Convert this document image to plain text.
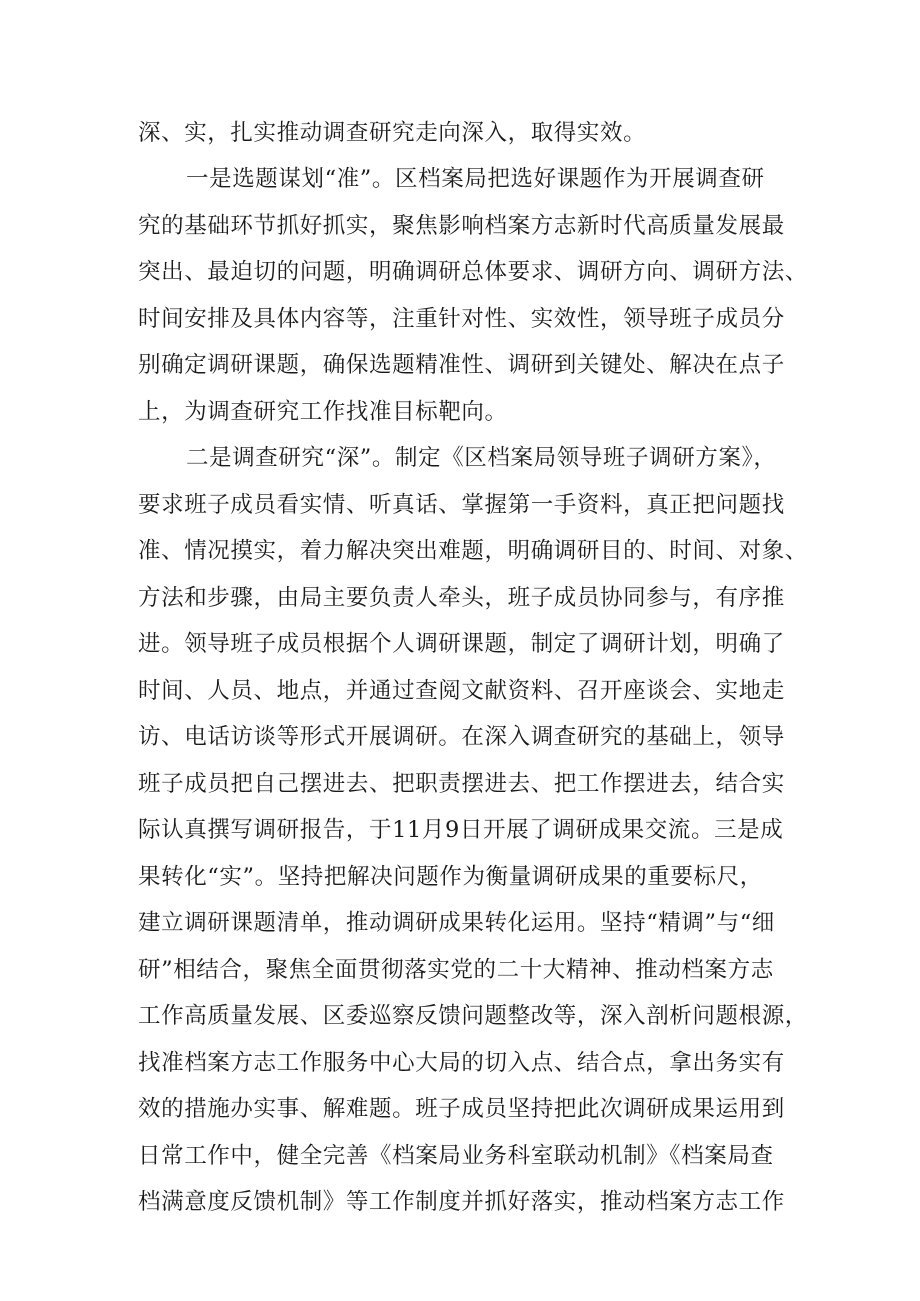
深、实，扎实推动调查研究走向深入，取得实效。
一是选题谋划“准”。区档案局把选好课题作为开展调查研
究的基础环节抓好抓实，聚焦影响档案方志新时代高质量发展最
突出、最迫切的问题，明确调研总体要求、调研方向、调研方法、
时间安排及具体内容等，注重针对性、实效性，领导班子成员分
别确定调研课题，确保选题精准性、调研到关键处、解决在点子
上，为调查研究工作找准目标靶向。
二是调查研究“深”。制定《区档案局领导班子调研方案》，
要求班子成员看实情、听真话、掌握第一手资料，真正把问题找
准、情况摸实，着力解决突出难题，明确调研目的、时间、对象、
方法和步骤，由局主要负责人牵头，班子成员协同参与，有序推
进。领导班子成员根据个人调研课题，制定了调研计划，明确了
时间、人员、地点，并通过查阅文献资料、召开座谈会、实地走
访、电话访谈等形式开展调研。在深入调查研究的基础上，领导
班子成员把自己摆进去、把职责摆进去、把工作摆进去，结合实
际认真撰写调研报告，于11月9日开展了调研成果交流。三是成
果转化“实”。坚持把解决问题作为衡量调研成果的重要标尺，
建立调研课题清单，推动调研成果转化运用。坚持“精调”与“细
研”相结合，聚焦全面贯彻落实党的二十大精神、推动档案方志
工作高质量发展、区委巡察反馈问题整改等，深入剖析问题根源，
找准档案方志工作服务中心大局的切入点、结合点，拿出务实有
效的措施办实事、解难题。班子成员坚持把此次调研成果运用到
日常工作中，健全完善《档案局业务科室联动机制》《档案局查
档满意度反馈机制》等工作制度并抓好落实，推动档案方志工作
